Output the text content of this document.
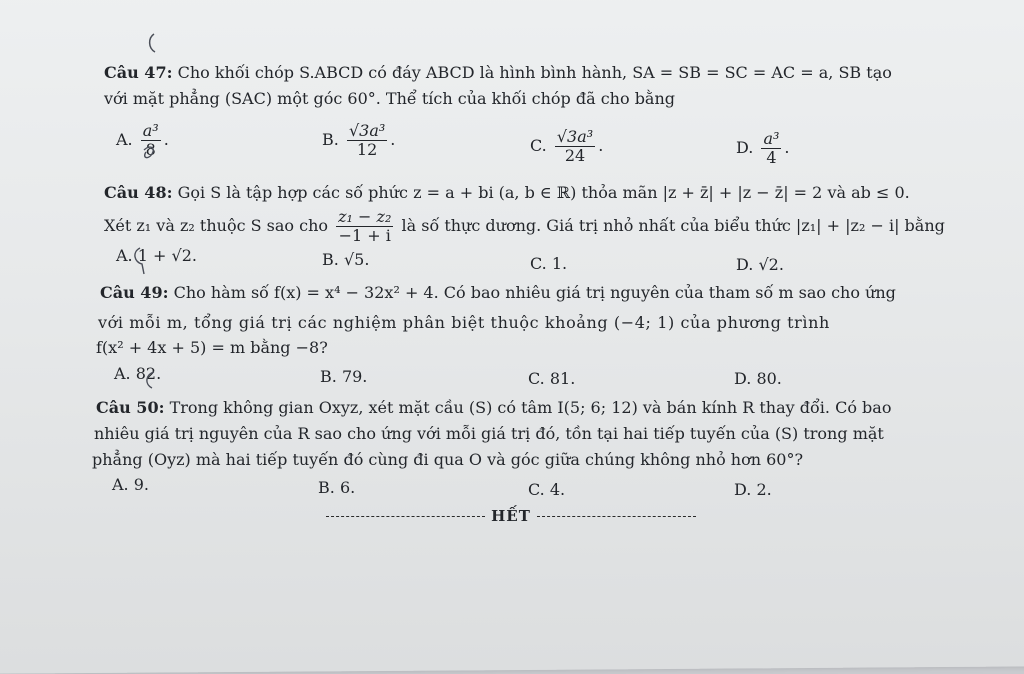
Câu 47: Cho khối chóp S.ABCD có đáy ABCD là hình bình hành, SA = SB = SC = AC = a, SB tạo
với mặt phẳng (SAC) một góc 60°. Thể tích của khối chóp đã cho bằng
A. $\frac{\text{a³}}{8}$ .	B. $\frac{\text{√3a³}}{12}$ .	C. $\frac{\text{√3a³}}{24}$ .	D. $\frac{\text{a³}}{4}$ .
Câu 48: Gọi S là tập hợp các số phức z = a + bi (a, b ∈ ℝ) thỏa mãn |z + z̄| + |z − z̄| = 2 và ab ≤ 0.
Xét z₁ và z₂ thuộc S sao cho $\frac{\text{z₁ − z₂}}{-1 + i}$ là số thực dương. Giá trị nhỏ nhất của biểu thức |z₁| + |z₂ − i| bằng
A. 1 + √2.	B. √5.	C. 1.	D. √2.
Câu 49: Cho hàm số f(x) = x⁴ − 32x² + 4. Có bao nhiêu giá trị nguyên của tham số m sao cho ứng
với mỗi m, tổng giá trị các nghiệm phân biệt thuộc khoảng (−4; 1) của phương trình
f(x² + 4x + 5) = m bằng −8?
A. 82.	B. 79.	C. 81.	D. 80.
Câu 50: Trong không gian Oxyz, xét mặt cầu (S) có tâm I(5; 6; 12) và bán kính R thay đổi. Có bao
nhiêu giá trị nguyên của R sao cho ứng với mỗi giá trị đó, tồn tại hai tiếp tuyến của (S) trong mặt
phẳng (Oyz) mà hai tiếp tuyến đó cùng đi qua O và góc giữa chúng không nhỏ hơn 60°?
A. 9.	B. 6.	C. 4.	D. 2.
HẾT
